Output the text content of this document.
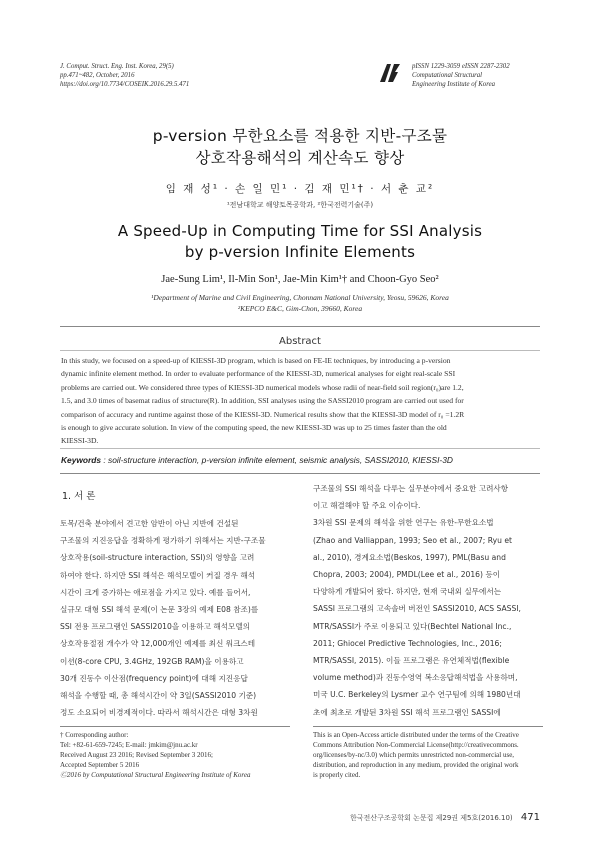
J. Comput. Struct. Eng. Inst. Korea, 29(5)
pp.471~482, October, 2016
https://doi.org/10.7734/COSEIK.2016.29.5.471
pISSN 1229-3059 eISSN 2287-2302
Computational Structural
Engineering Institute of Korea
p-version 무한요소를 적용한 지반-구조물
상호작용해석의 계산속도 향상
임 재 성¹ · 손 일 민¹ · 김 재 민¹† · 서 춘 교²
¹전남대학교 해양토목공학과, ²한국전력기술(주)
A Speed-Up in Computing Time for SSI Analysis
by p-version Infinite Elements
Jae-Sung Lim¹, Il-Min Son¹, Jae-Min Kim¹† and Choon-Gyo Seo²
¹Department of Marine and Civil Engineering, Chonnam National University, Yeosu, 59626, Korea
²KEPCO E&C, Gim-Chon, 39660, Korea
Abstract
In this study, we focused on a speed-up of KIESSI-3D program, which is based on FE-IE techniques, by introducing a p-version
dynamic infinite element method. In order to evaluate performance of the KIESSI-3D, numerical analyses for eight real-scale SSI
problems are carried out. We considered three types of KIESSI-3D numerical models whose radii of near-field soil region(r₀)are 1.2,
1.5, and 3.0 times of basemat radius of structure(R). In addition, SSI analyses using the SASSI2010 program are carried out used for
comparison of accuracy and runtime against those of the KIESSI-3D. Numerical results show that the KIESSI-3D model of r₀ =1.2R
is enough to give accurate solution. In view of the computing speed, the new KIESSI-3D was up to 25 times faster than the old
KIESSI-3D.
Keywords : soil-structure interaction, p-version infinite element, seismic analysis, SASSI2010, KIESSI-3D
1. 서 론
토목/건축 분야에서 견고한 암반이 아닌 지반에 건설된
구조물의 지진응답을 정확하게 평가하기 위해서는 지반-구조물
상호작용(soil-structure interaction, SSI)의 영향을 고려
하여야 한다. 하지만 SSI 해석은 해석모델이 커질 경우 해석
시간이 크게 증가하는 애로점을 가지고 있다. 예를 들어서,
실규모 대형 SSI 해석 문제(이 논문 3장의 예제 E08 참조)를
SSI 전용 프로그램인 SASSI2010을 이용하고 해석모델의
상호작용절점 개수가 약 12,000개인 예제를 최신 워크스테
이션(8-core CPU, 3.4GHz, 192GB RAM)을 이용하고
30개 진동수 이산점(frequency point)에 대해 지진응답
해석을 수행할 때, 총 해석시간이 약 3일(SASSI2010 기준)
정도 소요되어 비경제적이다. 따라서 해석시간은 대형 3차원
구조물의 SSI 해석을 다루는 실무분야에서 중요한 고려사항
이고 해결해야 할 주요 이슈이다.
3차원 SSI 문제의 해석을 위한 연구는 유한-무한요소법
(Zhao and Valliappan, 1993; Seo et al., 2007; Ryu et
al., 2010), 경계요소법(Beskos, 1997), PML(Basu and
Chopra, 2003; 2004), PMDL(Lee et al., 2016) 등이
다양하게 개발되어 왔다. 하지만, 현재 국내외 실무에서는
SASSI 프로그램의 고속솔버 버전인 SASSI2010, ACS SASSI,
MTR/SASSI가 주로 이용되고 있다(Bechtel National Inc.,
2011; Ghiocel Predictive Technologies, Inc., 2016;
MTR/SASSI, 2015). 이들 프로그램은 유연체적법(flexible
volume method)과 진동수영역 복소응답해석법을 사용하며,
미국 U.C. Berkeley의 Lysmer 교수 연구팀에 의해 1980년대
초에 최초로 개발된 3차원 SSI 해석 프로그램인 SASSI에
† Corresponding author:
Tel: +82-61-659-7245; E-mail: jmkim@jnu.ac.kr
Received August 23 2016; Revised September 3 2016;
Accepted September 5 2016
Ⓒ2016 by Computational Structural Engineering Institute of Korea
This is an Open-Access article distributed under the terms of the Creative
Commons Attribution Non-Commercial License(http://creativecommons.
org/licenses/by-nc/3.0) which permits unrestricted non-commercial use,
distribution, and reproduction in any medium, provided the original work
is properly cited.
한국전산구조공학회 논문집 제29권 제5호(2016.10) 471
